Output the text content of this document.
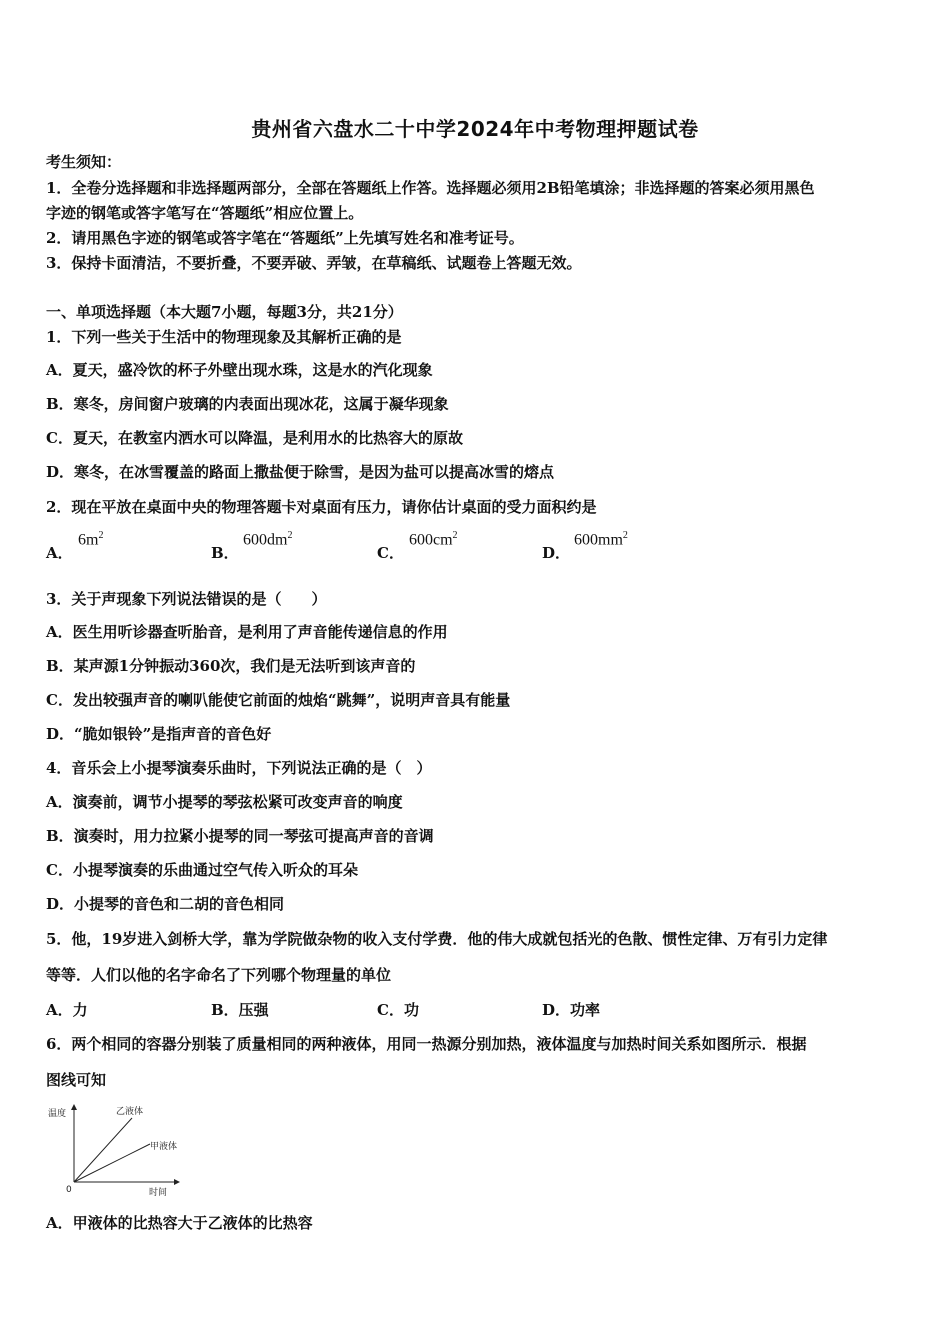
贵州省六盘水二十中学2024年中考物理押题试卷
考生须知：
1．全卷分选择题和非选择题两部分，全部在答题纸上作答。选择题必须用2B铅笔填涂；非选择题的答案必须用黑色
字迹的钢笔或答字笔写在“答题纸”相应位置上。
2．请用黑色字迹的钢笔或答字笔在“答题纸”上先填写姓名和准考证号。
3．保持卡面清洁，不要折叠，不要弄破、弄皱，在草稿纸、试题卷上答题无效。
一、单项选择题（本大题7小题，每题3分，共21分）
1．下列一些关于生活中的物理现象及其解析正确的是
A．夏天，盛冷饮的杯子外壁出现水珠，这是水的汽化现象
B．寒冬，房间窗户玻璃的内表面出现冰花，这属于凝华现象
C．夏天，在教室内洒水可以降温，是利用水的比热容大的原故
D．寒冬，在冰雪覆盖的路面上撒盐便于除雪，是因为盐可以提高冰雪的熔点
2．现在平放在桌面中央的物理答题卡对桌面有压力，请你估计桌面的受力面积约是
A．
$6m^2$
B．
$600dm^2$
C．
$600cm^2$
D．
$600mm^2$
3．关于声现象下列说法错误的是（　　）
A．医生用听诊器查听胎音，是利用了声音能传递信息的作用
B．某声源1分钟振动360次，我们是无法听到该声音的
C．发出较强声音的喇叭能使它前面的烛焰“跳舞”，说明声音具有能量
D．“脆如银铃”是指声音的音色好
4．音乐会上小提琴演奏乐曲时，下列说法正确的是（　）
A．演奏前，调节小提琴的琴弦松紧可改变声音的响度
B．演奏时，用力拉紧小提琴的同一琴弦可提高声音的音调
C．小提琴演奏的乐曲通过空气传入听众的耳朵
D．小提琴的音色和二胡的音色相同
5．他，19岁进入剑桥大学，靠为学院做杂物的收入支付学费．他的伟大成就包括光的色散、惯性定律、万有引力定律
等等．人们以他的名字命名了下列哪个物理量的单位
A．力	B．压强	C．功	D．功率
6．两个相同的容器分别装了质量相同的两种液体，用同一热源分别加热，液体温度与加热时间关系如图所示．根据
图线可知
温度
时间
0
乙液体
甲液体
A．甲液体的比热容大于乙液体的比热容
